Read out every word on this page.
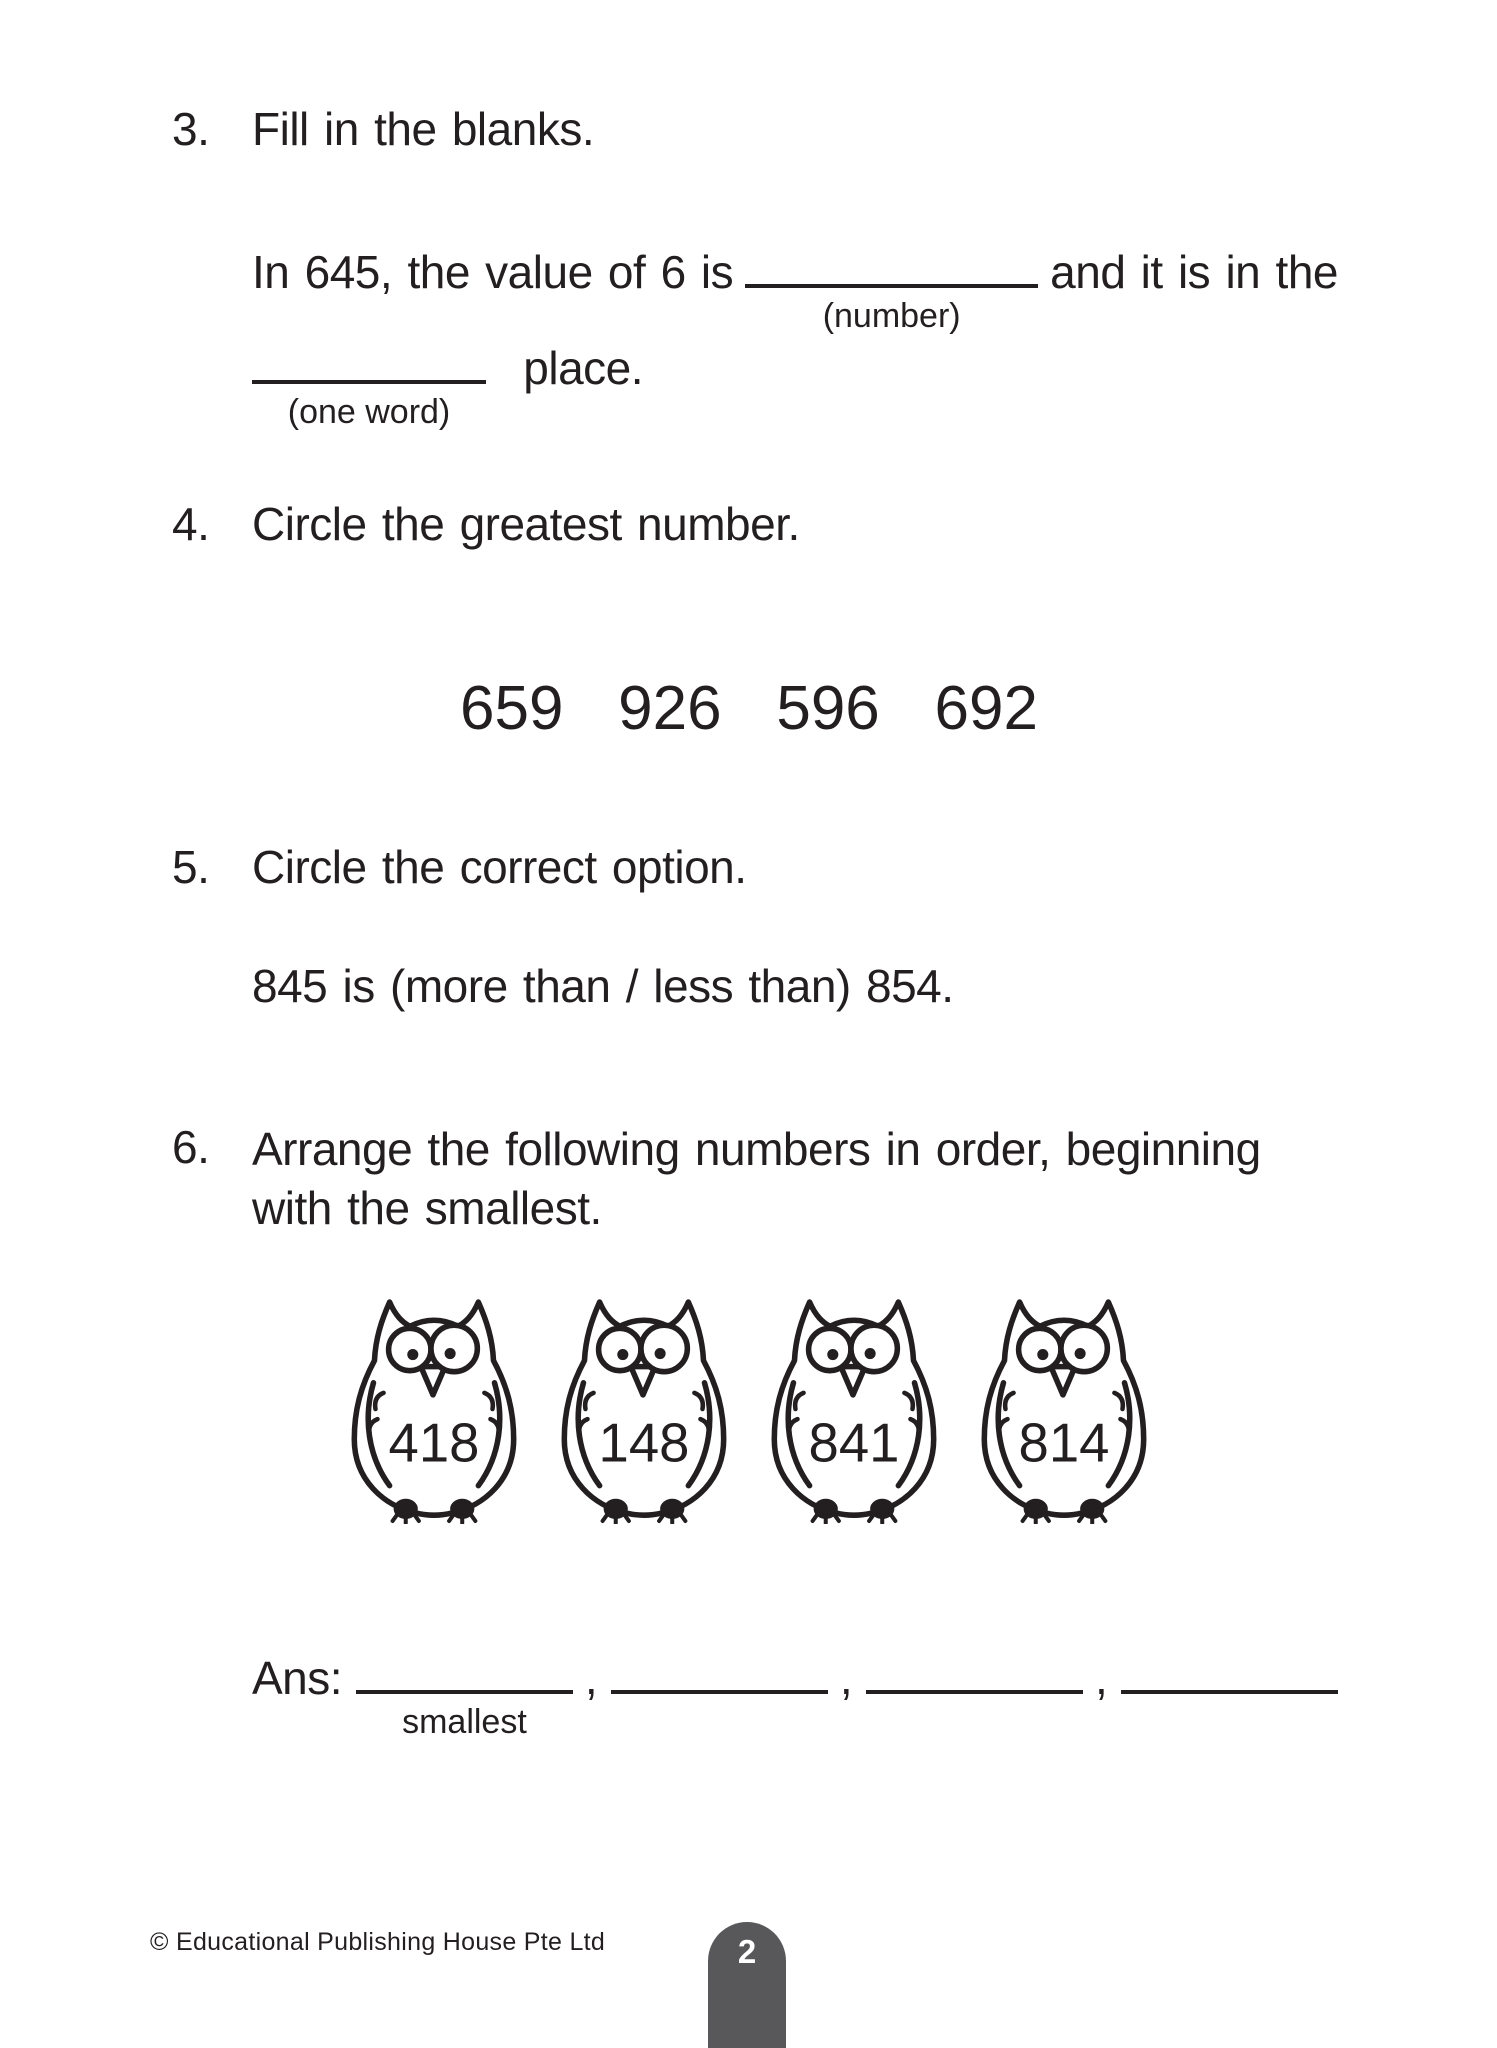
3. Fill in the blanks.
In 645, the value of 6 is
(number)
and it is in the
(one word)
place.
4. Circle the greatest number.
659 926 596 692
5. Circle the correct option.
845 is (more than / less than) 854.
6. Arrange the following numbers in order, beginning
with the smallest.
418 148 841 814
Ans:
smallest
,	,	,
© Educational Publishing House Pte Ltd	2
